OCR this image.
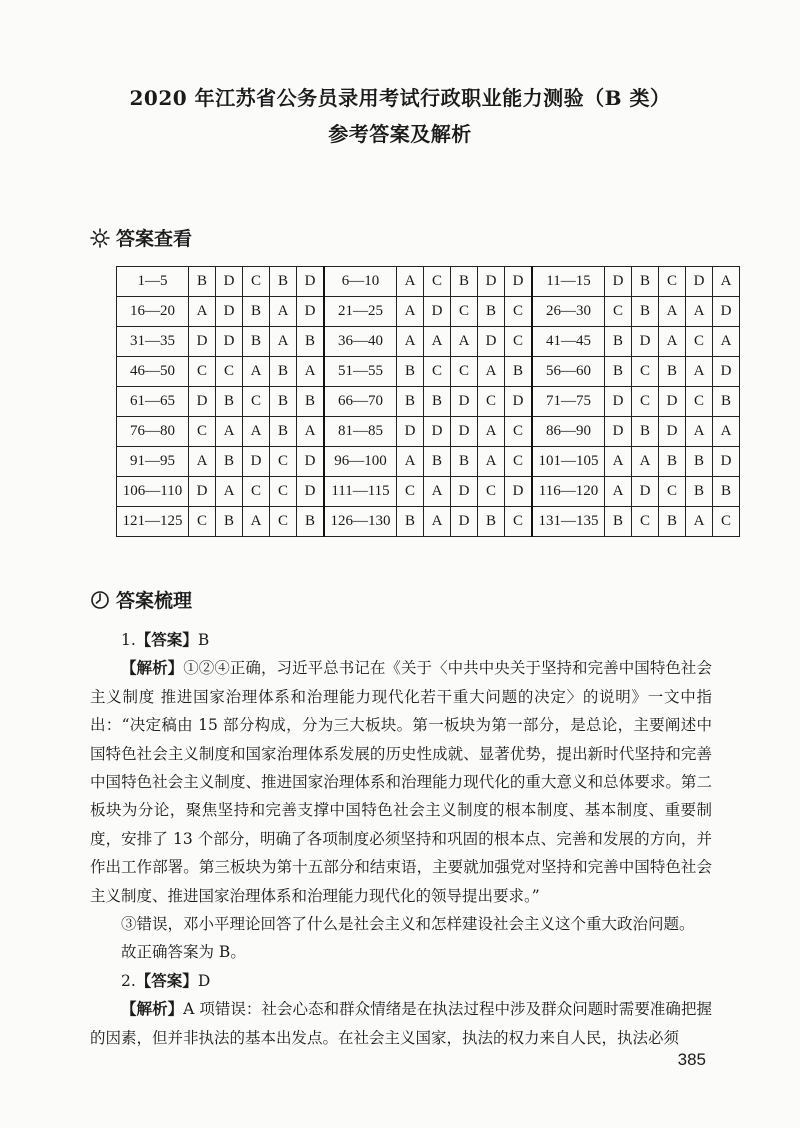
2020 年江苏省公务员录用考试行政职业能力测验（B 类）
参考答案及解析
答案查看
1—5	B	D	C	B	D	6—10	A	C	B	D	D	11—15	D	B	C	D	A
16—20	A	D	B	A	D	21—25	A	D	C	B	C	26—30	C	B	A	A	D
31—35	D	D	B	A	B	36—40	A	A	A	D	C	41—45	B	D	A	C	A
46—50	C	C	A	B	A	51—55	B	C	C	A	B	56—60	B	C	B	A	D
61—65	D	B	C	B	B	66—70	B	B	D	C	D	71—75	D	C	D	C	B
76—80	C	A	A	B	A	81—85	D	D	D	A	C	86—90	D	B	D	A	A
91—95	A	B	D	C	D	96—100	A	B	B	A	C	101—105	A	A	B	B	D
106—110	D	A	C	C	D	111—115	C	A	D	C	D	116—120	A	D	C	B	B
121—125	C	B	A	C	B	126—130	B	A	D	B	C	131—135	B	C	B	A	C
答案梳理

1.【答案】B

【解析】①②④正确，习近平总书记在《关于〈中共中央关于坚持和完善中国特色社会主义制度 推进国家治理体系和治理能力现代化若干重大问题的决定〉的说明》一文中指出：“决定稿由 15 部分构成，分为三大板块。第一板块为第一部分，是总论，主要阐述中国特色社会主义制度和国家治理体系发展的历史性成就、显著优势，提出新时代坚持和完善中国特色社会主义制度、推进国家治理体系和治理能力现代化的重大意义和总体要求。第二板块为分论，聚焦坚持和完善支撑中国特色社会主义制度的根本制度、基本制度、重要制度，安排了 13 个部分，明确了各项制度必须坚持和巩固的根本点、完善和发展的方向，并作出工作部署。第三板块为第十五部分和结束语，主要就加强党对坚持和完善中国特色社会主义制度、推进国家治理体系和治理能力现代化的领导提出要求。”

③错误，邓小平理论回答了什么是社会主义和怎样建设社会主义这个重大政治问题。

故正确答案为 B。

2.【答案】D

【解析】A 项错误：社会心态和群众情绪是在执法过程中涉及群众问题时需要准确把握的因素，但并非执法的基本出发点。在社会主义国家，执法的权力来自人民，执法必须

385
